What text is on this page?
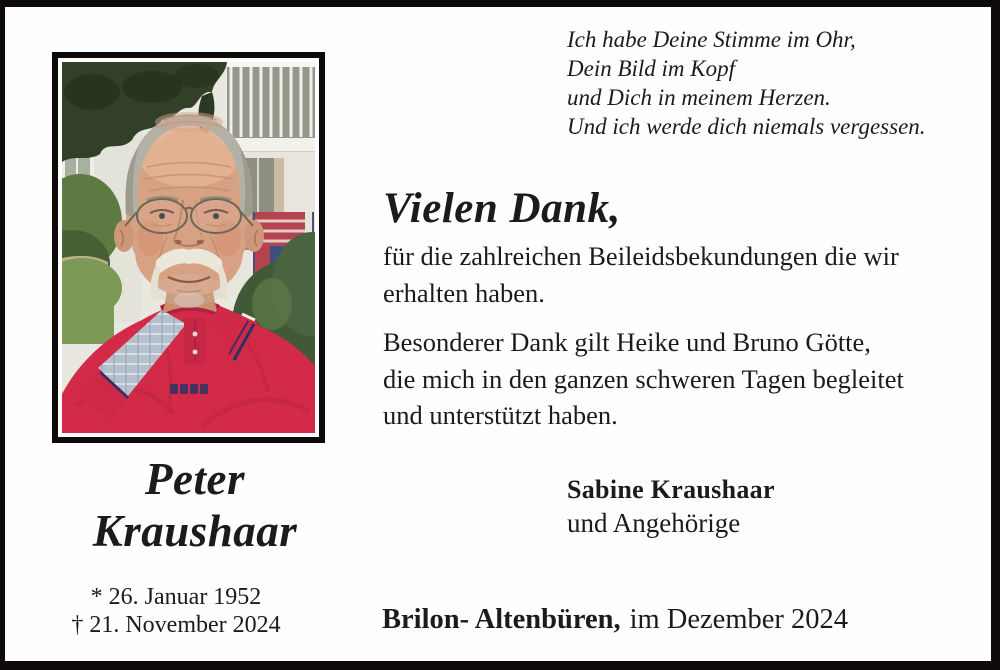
Peter
Kraushaar
* 26. Januar 1952
† 21. November 2024
Ich habe Deine Stimme im Ohr,
Dein Bild im Kopf
und Dich in meinem Herzen.
Und ich werde dich niemals vergessen.
Vielen Dank,
für die zahlreichen Beileidsbekundungen die wir
erhalten haben.
Besonderer Dank gilt Heike und Bruno Götte,
die mich in den ganzen schweren Tagen begleitet
und unterstützt haben.
Sabine Kraushaar
und Angehörige
Brilon- Altenbüren, im Dezember 2024
